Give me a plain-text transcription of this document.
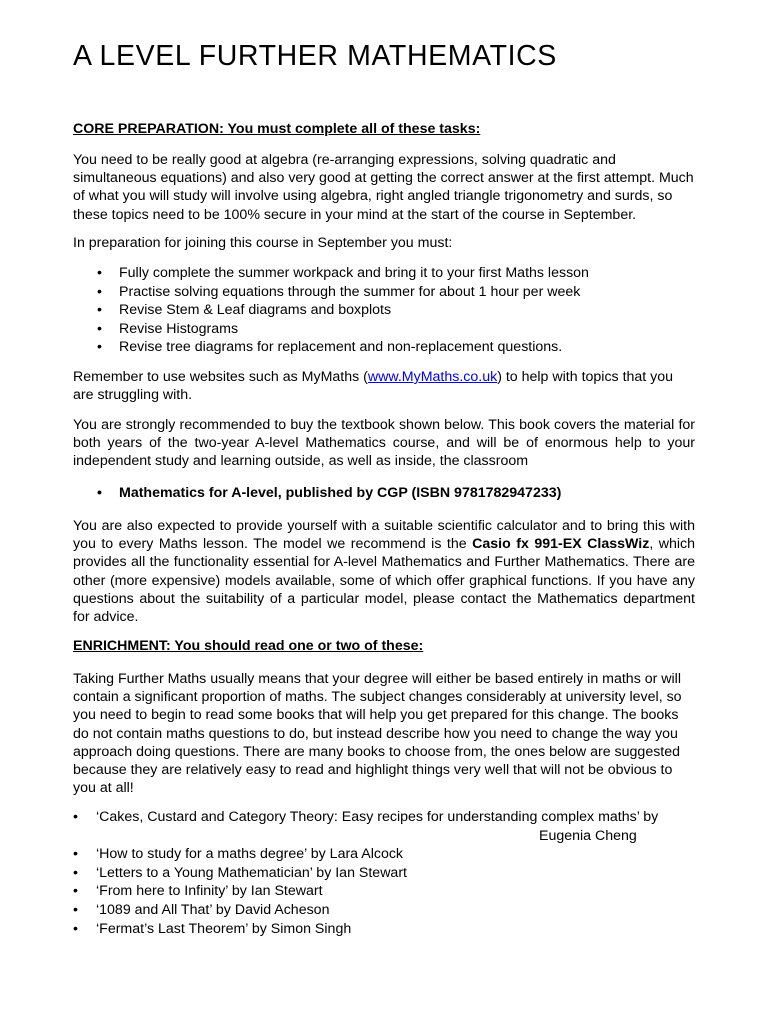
A LEVEL FURTHER MATHEMATICS

CORE PREPARATION: You must complete all of these tasks:

You need to be really good at algebra (re-arranging expressions, solving quadratic and simultaneous equations) and also very good at getting the correct answer at the first attempt. Much of what you will study will involve using algebra, right angled triangle trigonometry and surds, so these topics need to be 100% secure in your mind at the start of the course in September.

In preparation for joining this course in September you must:

• Fully complete the summer workpack and bring it to your first Maths lesson
• Practise solving equations through the summer for about 1 hour per week
• Revise Stem & Leaf diagrams and boxplots
• Revise Histograms
• Revise tree diagrams for replacement and non-replacement questions.

Remember to use websites such as MyMaths (www.MyMaths.co.uk) to help with topics that you are struggling with.

You are strongly recommended to buy the textbook shown below. This book covers the material for both years of the two-year A-level Mathematics course, and will be of enormous help to your independent study and learning outside, as well as inside, the classroom

• Mathematics for A-level, published by CGP (ISBN 9781782947233)

You are also expected to provide yourself with a suitable scientific calculator and to bring this with you to every Maths lesson. The model we recommend is the Casio fx 991-EX ClassWiz, which provides all the functionality essential for A-level Mathematics and Further Mathematics. There are other (more expensive) models available, some of which offer graphical functions. If you have any questions about the suitability of a particular model, please contact the Mathematics department for advice.

ENRICHMENT: You should read one or two of these:

Taking Further Maths usually means that your degree will either be based entirely in maths or will contain a significant proportion of maths. The subject changes considerably at university level, so you need to begin to read some books that will help you get prepared for this change. The books do not contain maths questions to do, but instead describe how you need to change the way you approach doing questions. There are many books to choose from, the ones below are suggested because they are relatively easy to read and highlight things very well that will not be obvious to you at all!

• ‘Cakes, Custard and Category Theory: Easy recipes for understanding complex maths’ by
Eugenia Cheng
• ‘How to study for a maths degree’ by Lara Alcock
• ‘Letters to a Young Mathematician’ by Ian Stewart
• ‘From here to Infinity’ by Ian Stewart
• ‘1089 and All That’ by David Acheson
• ‘Fermat’s Last Theorem’ by Simon Singh
